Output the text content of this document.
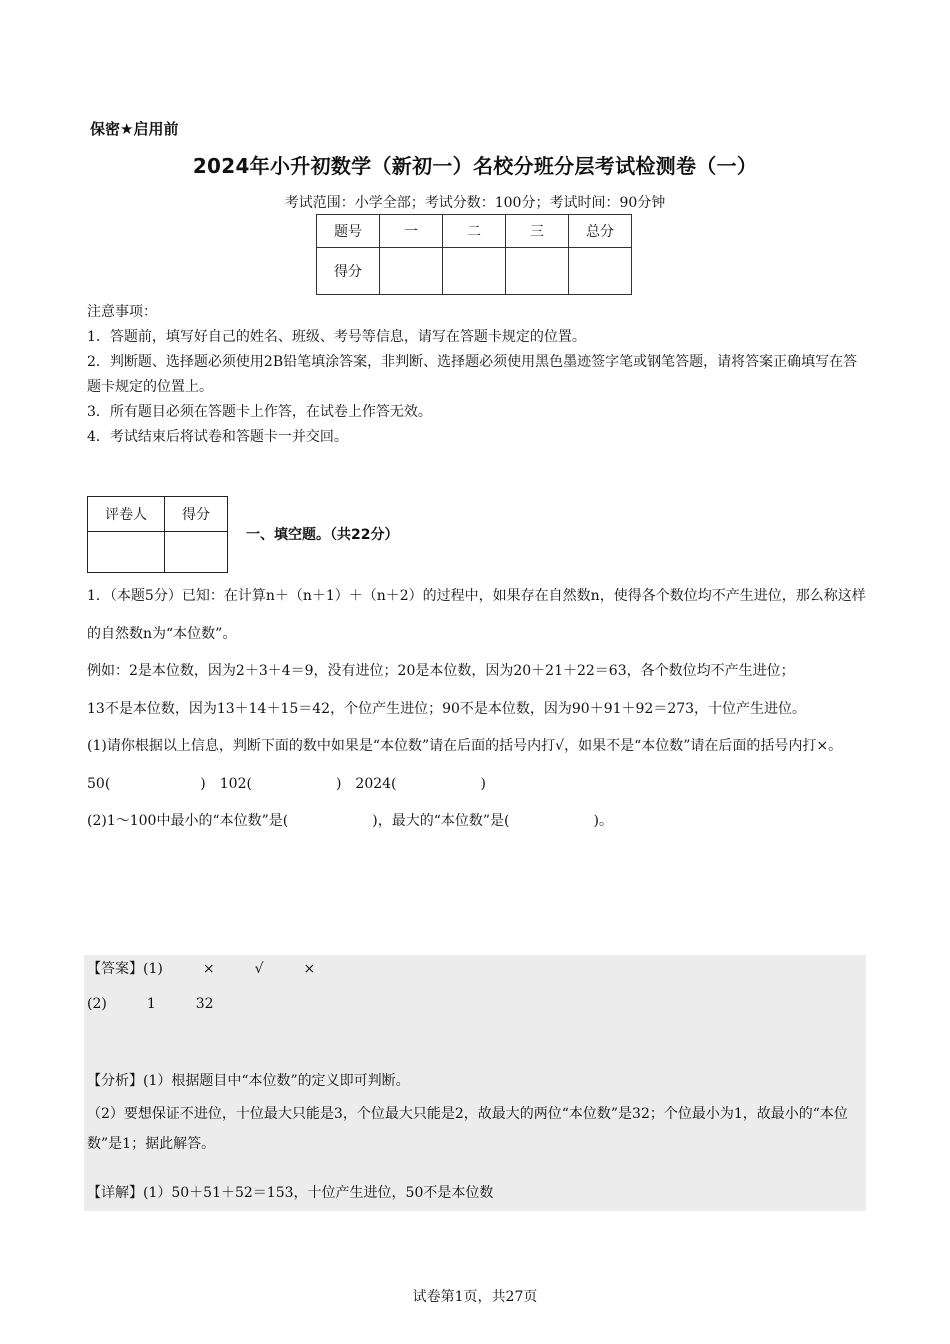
保密★启用前
2024年小升初数学（新初一）名校分班分层考试检测卷（一）
考试范围：小学全部；考试分数：100分；考试时间：90分钟
题号	一	二	三	总分
得分				
注意事项：
1．答题前，填写好自己的姓名、班级、考号等信息，请写在答题卡规定的位置。
2．判断题、选择题必须使用2B铅笔填涂答案，非判断、选择题必须使用黑色墨迹签字笔或钢笔答题，请将答案正确填写在答题卡规定的位置上。
3．所有题目必须在答题卡上作答，在试卷上作答无效。
4．考试结束后将试卷和答题卡一并交回。
评卷人	得分

一、填空题。（共22分）

1．（本题5分）已知：在计算n＋（n＋1）＋（n＋2）的过程中，如果存在自然数n，使得各个数位均不产生进位，那么称这样的自然数n为“本位数”。

例如：2是本位数，因为2＋3＋4＝9，没有进位；20是本位数，因为20＋21＋22＝63，各个数位均不产生进位；

13不是本位数，因为13＋14＋15＝42，个位产生进位；90不是本位数，因为90＋91＋92＝273，十位产生进位。

(1)请你根据以上信息，判断下面的数中如果是“本位数”请在后面的括号内打√，如果不是“本位数”请在后面的括号内打×。

50(	) 102(	) 2024(	)

(2)1～100中最小的“本位数”是(	)，最大的“本位数”是(	)。

【答案】(1)	×	√	×
(2)	1	32
【分析】(1）根据题目中“本位数”的定义即可判断。
（2）要想保证不进位，十位最大只能是3，个位最大只能是2，故最大的两位“本位数”是32；个位最小为1，故最小的“本位数”是1；据此解答。
【详解】(1）50＋51＋52＝153，十位产生进位，50不是本位数
试卷第1页，共27页
